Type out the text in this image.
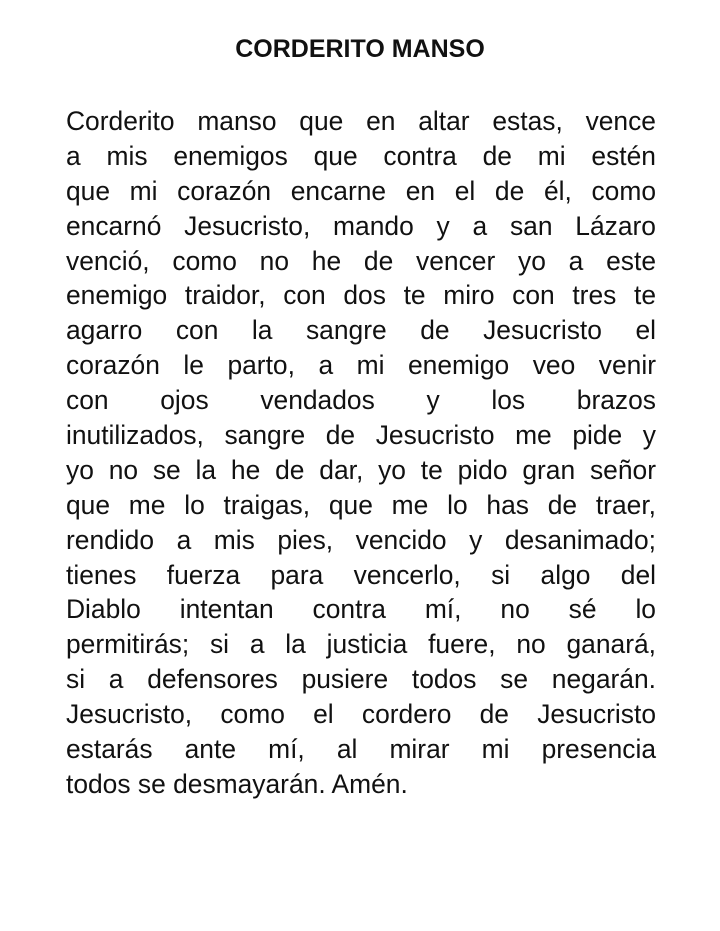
CORDERITO MANSO
Corderito manso que en altar estas, vence
a mis enemigos que contra de mi estén
que mi corazón encarne en el de él, como
encarnó Jesucristo, mando y a san Lázaro
venció, como no he de vencer yo a este
enemigo traidor, con dos te miro con tres te
agarro con la sangre de Jesucristo el
corazón le parto, a mi enemigo veo venir
con ojos vendados y los brazos
inutilizados, sangre de Jesucristo me pide y
yo no se la he de dar, yo te pido gran señor
que me lo traigas, que me lo has de traer,
rendido a mis pies, vencido y desanimado;
tienes fuerza para vencerlo, si algo del
Diablo intentan contra mí, no sé lo
permitirás; si a la justicia fuere, no ganará,
si a defensores pusiere todos se negarán.
Jesucristo, como el cordero de Jesucristo
estarás ante mí, al mirar mi presencia
todos se desmayarán. Amén.
